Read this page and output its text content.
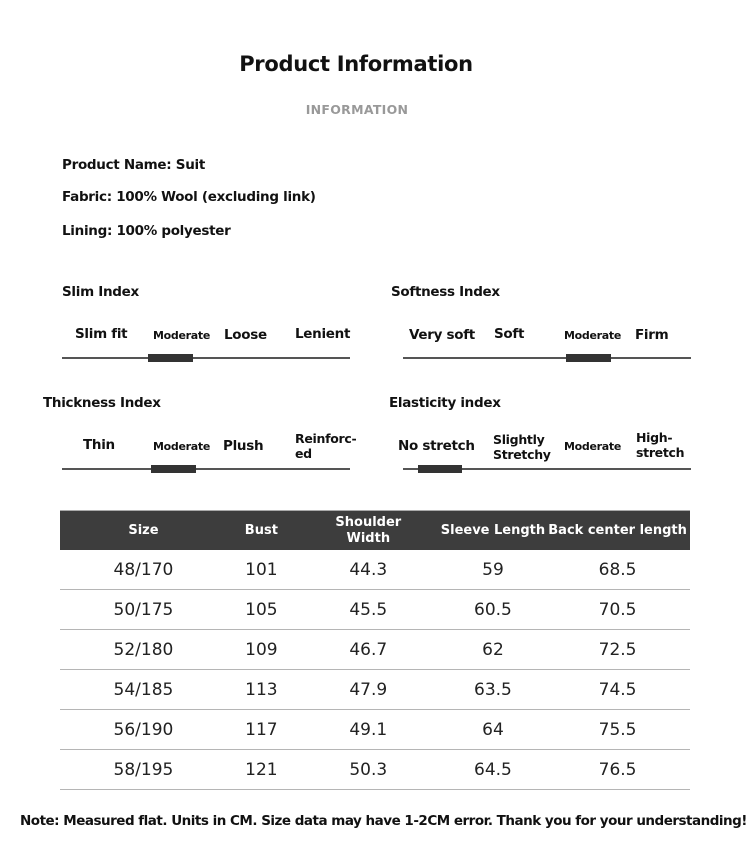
Product Information
INFORMATION
Product Name: Suit
Fabric: 100% Wool (excluding link)
Lining: 100% polyester
Slim Index
Slim fit Moderate Loose Lenient
Softness Index
Very soft Soft	Moderate Firm
Thickness Index
Thin	Moderate Plush	Reinforc-ed
Elasticity index
No stretch Slightly Stretchy
Moderate
High-stretch
Size	Bust	Shoulder Width	Sleeve Length	Back center length
48/170	101	44.3	59	68.5
50/175	105	45.5	60.5	70.5
52/180	109	46.7	62	72.5
54/185	113	47.9	63.5	74.5
56/190	117	49.1	64	75.5
58/195	121	50.3	64.5	76.5
Note: Measured flat. Units in CM. Size data may have 1-2CM error. Thank you for your understanding!
